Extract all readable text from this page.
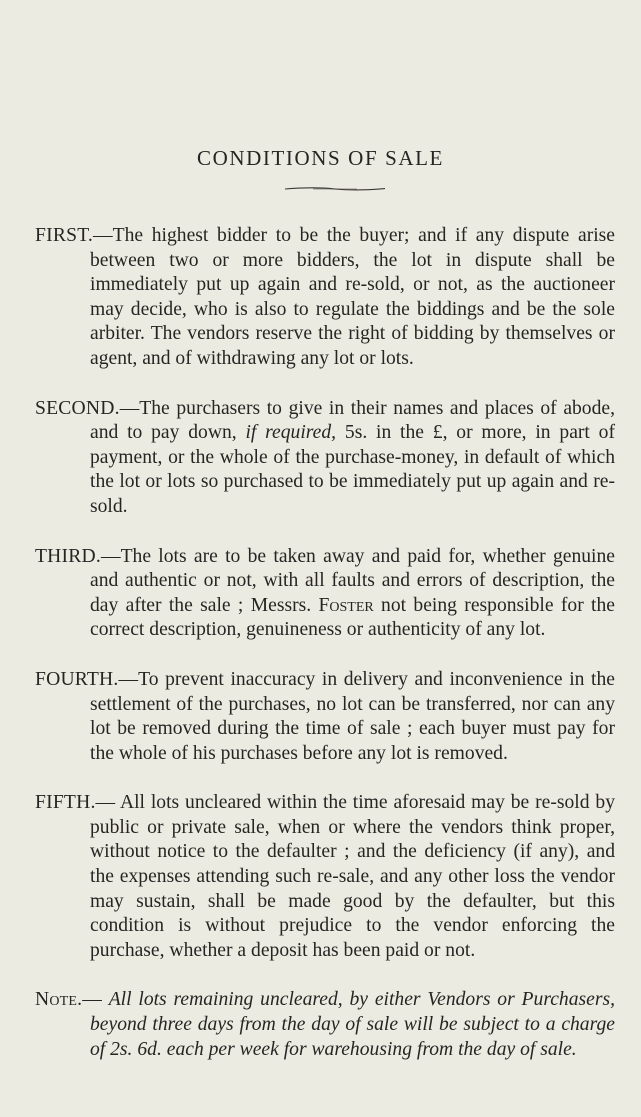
CONDITIONS OF SALE

FIRST.—The highest bidder to be the buyer; and if any dispute arise between two or more bidders, the lot in dispute shall be immediately put up again and re-sold, or not, as the auctioneer may decide, who is also to regulate the biddings and be the sole arbiter. The vendors reserve the right of bidding by themselves or agent, and of withdrawing any lot or lots.

SECOND.—The purchasers to give in their names and places of abode, and to pay down, if required, 5s. in the £, or more, in part of payment, or the whole of the purchase-money, in default of which the lot or lots so purchased to be immediately put up again and re-sold.

THIRD.—The lots are to be taken away and paid for, whether genuine and authentic or not, with all faults and errors of description, the day after the sale ; Messrs. Foster not being responsible for the correct description, genuineness or authenticity of any lot.

FOURTH.—To prevent inaccuracy in delivery and inconvenience in the settlement of the purchases, no lot can be transferred, nor can any lot be removed during the time of sale ; each buyer must pay for the whole of his purchases before any lot is removed.

FIFTH.— All lots uncleared within the time aforesaid may be re-sold by public or private sale, when or where the vendors think proper, without notice to the defaulter ; and the deficiency (if any), and the expenses attending such re-sale, and any other loss the vendor may sustain, shall be made good by the defaulter, but this condition is without prejudice to the vendor enforcing the purchase, whether a deposit has been paid or not.

Note.— All lots remaining uncleared, by either Vendors or Purchasers, beyond three days from the day of sale will be subject to a charge of 2s. 6d. each per week for warehousing from the day of sale.
